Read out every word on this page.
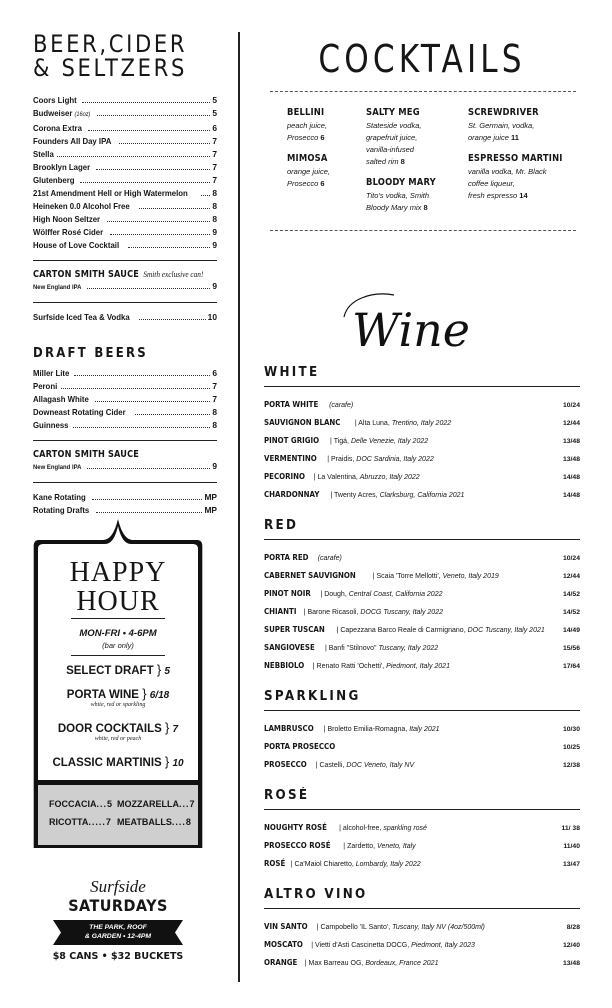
BEER,CIDER
& SELTZERS
Coors Light	5
Budweiser (16oz)	5
Corona Extra	6
Founders All Day IPA	7
Stella	7
Brooklyn Lager	7
Glutenberg	7
21st Amendment Hell or High Watermelon	8
Heineken 0.0 Alcohol Free	8
High Noon Seltzer	8
Wölffer Rosé Cider	9
House of Love Cocktail	9
CARTON SMITH SAUCE Smith exclusive can!
New England IPA	9
Surfside Iced Tea & Vodka	10
DRAFT BEERS
Miller Lite	6
Peroni	7
Allagash White	7
Downeast Rotating Cider	8
Guinness	8
CARTON SMITH SAUCE
New England IPA	9
Kane Rotating	MP
Rotating Drafts	MP
HAPPY
HOUR
MON-FRI • 4-6PM
(bar only)
SELECT DRAFT } 5
PORTA WINE } 6/18
white, red or sparkling
DOOR COCKTAILS } 7
white, red or peach
CLASSIC MARTINIS } 10
FOCCACIA...5 MOZZARELLA...7
RICOTTA.....7 MEATBALLS....8
Surfside
SATURDAYS
THE PARK, ROOF
& GARDEN • 12-4PM
$8 CANS • $32 BUCKETS
COCKTAILS
BELLINI
peach juice,
Prosecco 6
MIMOSA
orange juice,
Prosecco 6
SALTY MEG
Stateside vodka,
grapefruit juice,
vanilla-infused
salted rim 8
BLOODY MARY
Tito's vodka, Smith
Bloody Mary mix 8
SCREWDRIVER
St. Germain, vodka,
orange juice 11
ESPRESSO MARTINI
vanilla vodka, Mr. Black
coffee liqueur,
fresh espresso 14
Wine
WHITE
PORTA WHITE (carafe)	10/24
SAUVIGNON BLANC | Alta Luna, Trentino, Italy 2022	12/44
PINOT GRIGIO | Tigá, Delle Venezie, Italy 2022	13/48
VERMENTINO | Praidis, DOC Sardinia, Italy 2022	13/48
PECORINO | La Valentina, Abruzzo, Italy 2022	14/48
CHARDONNAY | Twenty Acres, Clarksburg, California 2021	14/48
RED
PORTA RED (carafe)	10/24
CABERNET SAUVIGNON | Scaia 'Torre Mellotti', Veneto, Italy 2019	12/44
PINOT NOIR | Dough, Central Coast, California 2022	14/52
CHIANTI | Barone Ricasoli, DOCG Tuscany, Italy 2022	14/52
SUPER TUSCAN | Capezzana Barco Reale di Carmignano, DOC Tuscany, Italy 2021	14/49
SANGIOVESE | Banfi "Stilnovo" Tuscany, Italy 2022	15/56
NEBBIOLO | Renato Ratti 'Ochetti', Piedmont, Italy 2021	17/64
SPARKLING
LAMBRUSCO | Broletto Emilia-Romagna, Italy 2021	10/30
PORTA PROSECCO	10/25
PROSECCO | Castelli, DOC Veneto, Italy NV	12/38
ROSÉ
NOUGHTY ROSÉ | alcohol-free, sparkling rosé	11/ 38
PROSECCO ROSÉ | Zardetto, Veneto, Italy	11/40
ROSÉ | Ca'Maiol Chiaretto, Lombardy, Italy 2022	13/47
ALTRO VINO
VIN SANTO | Campobello 'IL Santo', Tuscany, Italy NV (4oz/500ml)	8/28
MOSCATO | Vietti d'Asti Cascinetta DOCG, Piedmont, Italy 2023	12/40
ORANGE | Max Barreau OG, Bordeaux, France 2021	13/48
